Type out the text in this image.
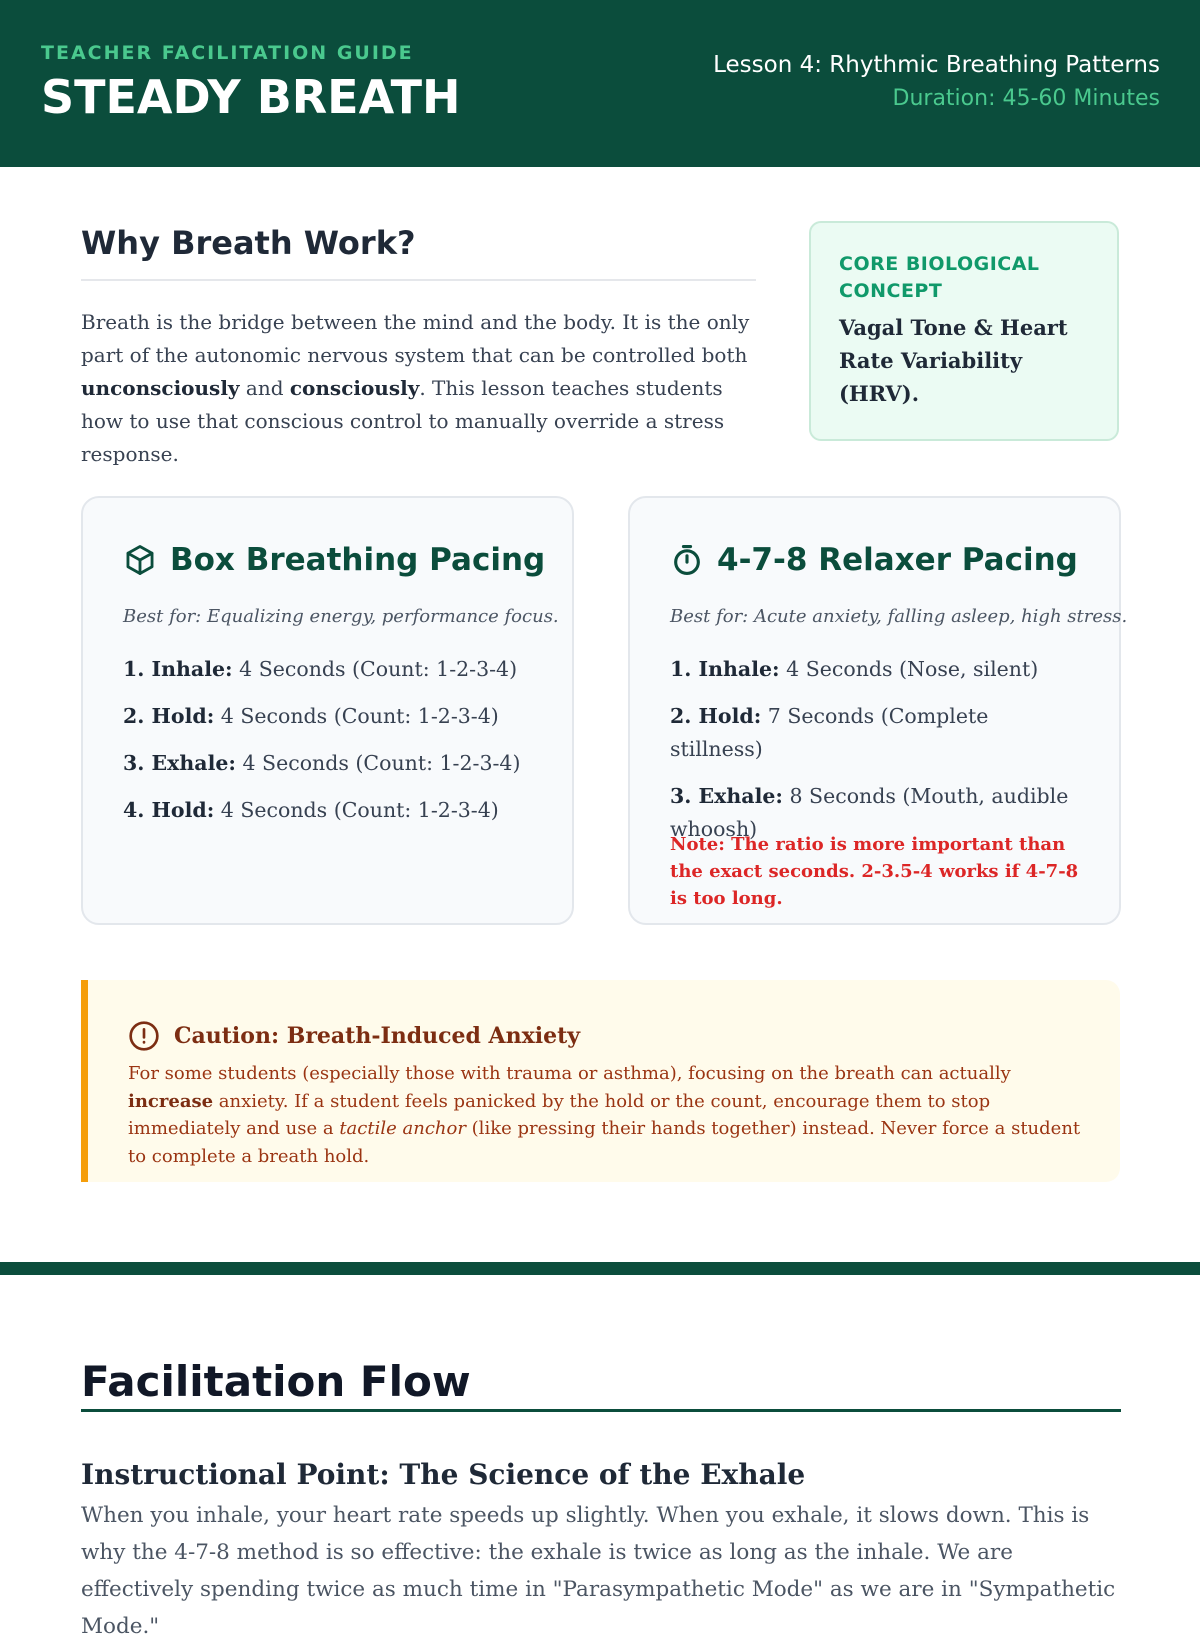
TEACHER FACILITATION GUIDE
STEADY BREATH
Lesson 4: Rhythmic Breathing Patterns
Duration: 45-60 Minutes
Why Breath Work?

Breath is the bridge between the mind and the body. It is the only part of the autonomic nervous system that can be controlled both unconsciously and consciously. This lesson teaches students how to use that conscious control to manually override a stress response.

CORE BIOLOGICAL CONCEPT
Vagal Tone & Heart Rate Variability (HRV).
Box Breathing Pacing
Best for: Equalizing energy, performance focus.
1. Inhale: 4 Seconds (Count: 1-2-3-4)
2. Hold: 4 Seconds (Count: 1-2-3-4)
3. Exhale: 4 Seconds (Count: 1-2-3-4)
4. Hold: 4 Seconds (Count: 1-2-3-4)
4-7-8 Relaxer Pacing
Best for: Acute anxiety, falling asleep, high stress.
1. Inhale: 4 Seconds (Nose, silent)
2. Hold: 7 Seconds (Complete stillness)
3. Exhale: 8 Seconds (Mouth, audible whoosh)
Note: The ratio is more important than the exact seconds. 2-3.5-4 works if 4-7-8 is too long.
Caution: Breath-Induced Anxiety

For some students (especially those with trauma or asthma), focusing on the breath can actually increase anxiety. If a student feels panicked by the hold or the count, encourage them to stop immediately and use a tactile anchor (like pressing their hands together) instead. Never force a student to complete a breath hold.

Facilitation Flow
Instructional Point: The Science of the Exhale

When you inhale, your heart rate speeds up slightly. When you exhale, it slows down. This is why the 4-7-8 method is so effective: the exhale is twice as long as the inhale. We are effectively spending twice as much time in "Parasympathetic Mode" as we are in "Sympathetic Mode."
